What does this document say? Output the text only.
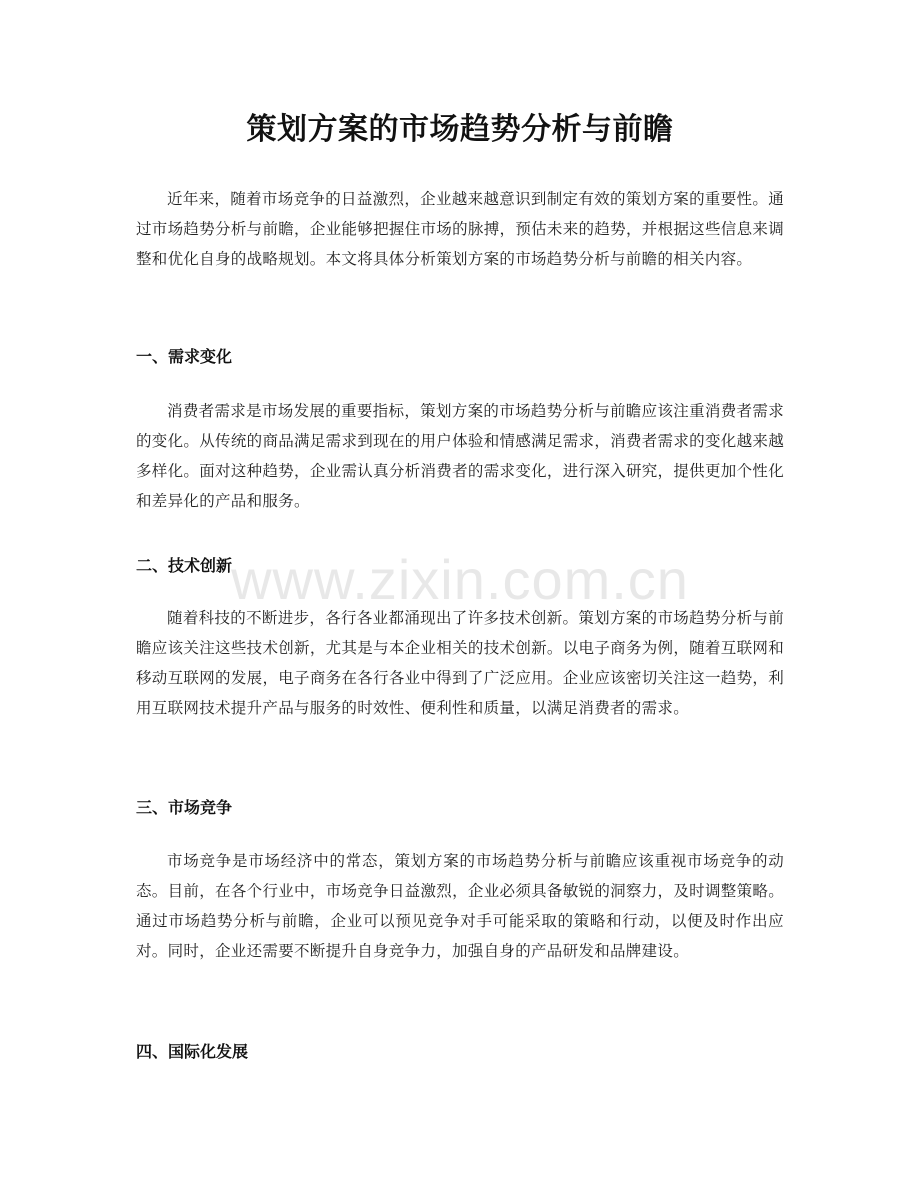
策划方案的市场趋势分析与前瞻

近年来，随着市场竞争的日益激烈，企业越来越意识到制定有效的策划方案的重要性。通过市场趋势分析与前瞻，企业能够把握住市场的脉搏，预估未来的趋势，并根据这些信息来调整和优化自身的战略规划。本文将具体分析策划方案的市场趋势分析与前瞻的相关内容。

一、需求变化

消费者需求是市场发展的重要指标，策划方案的市场趋势分析与前瞻应该注重消费者需求的变化。从传统的商品满足需求到现在的用户体验和情感满足需求，消费者需求的变化越来越多样化。面对这种趋势，企业需认真分析消费者的需求变化，进行深入研究，提供更加个性化和差异化的产品和服务。

二、技术创新

随着科技的不断进步，各行各业都涌现出了许多技术创新。策划方案的市场趋势分析与前瞻应该关注这些技术创新，尤其是与本企业相关的技术创新。以电子商务为例，随着互联网和移动互联网的发展，电子商务在各行各业中得到了广泛应用。企业应该密切关注这一趋势，利用互联网技术提升产品与服务的时效性、便利性和质量，以满足消费者的需求。

三、市场竞争

市场竞争是市场经济中的常态，策划方案的市场趋势分析与前瞻应该重视市场竞争的动态。目前，在各个行业中，市场竞争日益激烈，企业必须具备敏锐的洞察力，及时调整策略。通过市场趋势分析与前瞻，企业可以预见竞争对手可能采取的策略和行动，以便及时作出应对。同时，企业还需要不断提升自身竞争力，加强自身的产品研发和品牌建设。

四、国际化发展
www.zixin.com.cn
